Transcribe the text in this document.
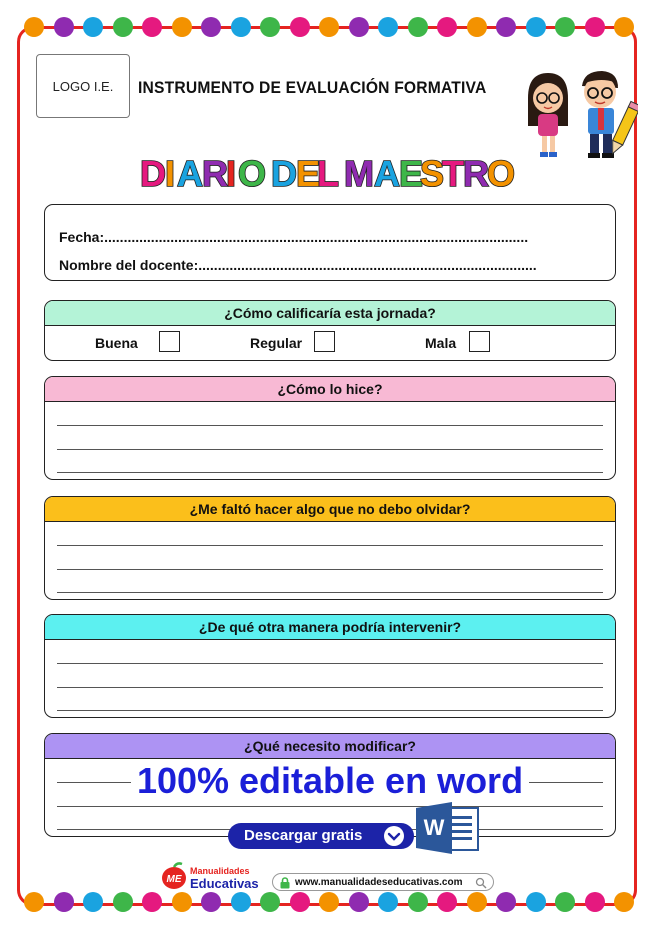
LOGO I.E.	INSTRUMENTO DE EVALUACIÓN FORMATIVA
D I A R
I O D E
L M A E
S
T R
O
Fecha:.............................................................................................................
Nombre del docente:.......................................................................................
¿Cómo calificaría esta jornada?
Buena	Regular	Mala
¿Cómo lo hice?
¿Me faltó hacer algo que no debo olvidar?
¿De qué otra manera podría intervenir?
¿Qué necesito modificar?
100% editable en word
Descargar gratis	W
ME
Manualidades
Educativas	www.manualidadeseducativas.com
